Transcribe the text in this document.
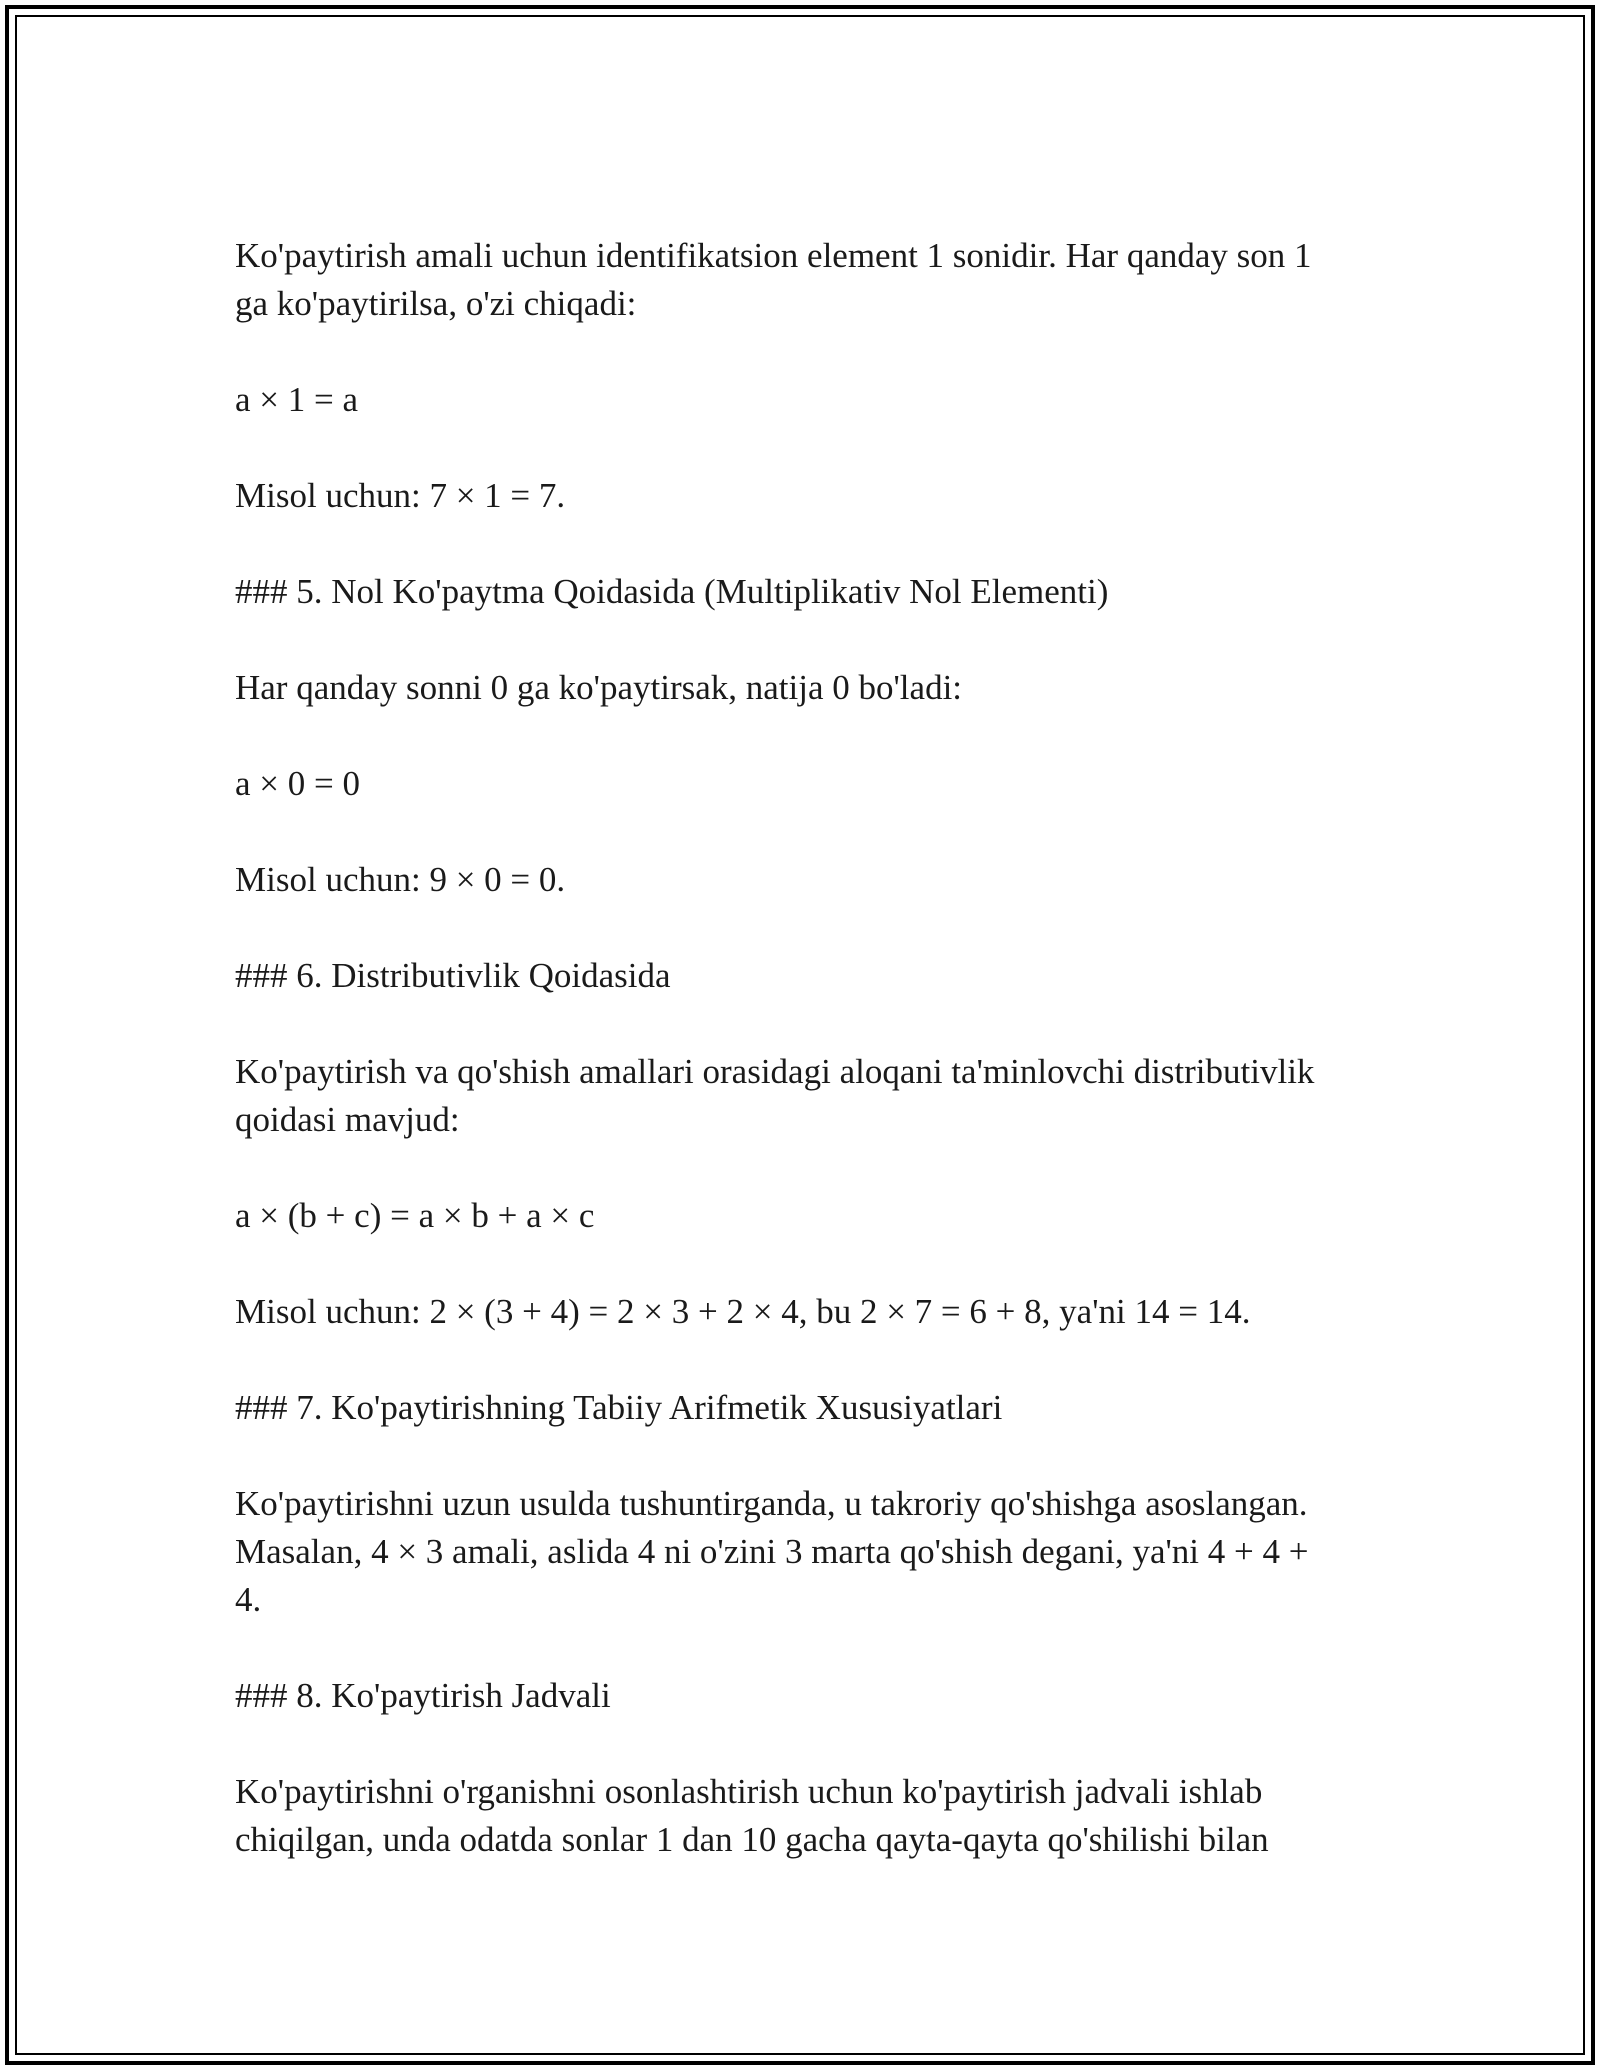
Ko'paytirish amali uchun identifikatsion element 1 sonidir. Har qanday son 1
ga ko'paytirilsa, o'zi chiqadi:
a × 1 = a
Misol uchun: 7 × 1 = 7.
### 5. Nol Ko'paytma Qoidasida (Multiplikativ Nol Elementi)
Har qanday sonni 0 ga ko'paytirsak, natija 0 bo'ladi:
a × 0 = 0
Misol uchun: 9 × 0 = 0.
### 6. Distributivlik Qoidasida
Ko'paytirish va qo'shish amallari orasidagi aloqani ta'minlovchi distributivlik
qoidasi mavjud:
a × (b + c) = a × b + a × c
Misol uchun: 2 × (3 + 4) = 2 × 3 + 2 × 4, bu 2 × 7 = 6 + 8, ya'ni 14 = 14.
### 7. Ko'paytirishning Tabiiy Arifmetik Xususiyatlari
Ko'paytirishni uzun usulda tushuntirganda, u takroriy qo'shishga asoslangan.
Masalan, 4 × 3 amali, aslida 4 ni o'zini 3 marta qo'shish degani, ya'ni 4 + 4 +
4.
### 8. Ko'paytirish Jadvali
Ko'paytirishni o'rganishni osonlashtirish uchun ko'paytirish jadvali ishlab
chiqilgan, unda odatda sonlar 1 dan 10 gacha qayta-qayta qo'shilishi bilan
